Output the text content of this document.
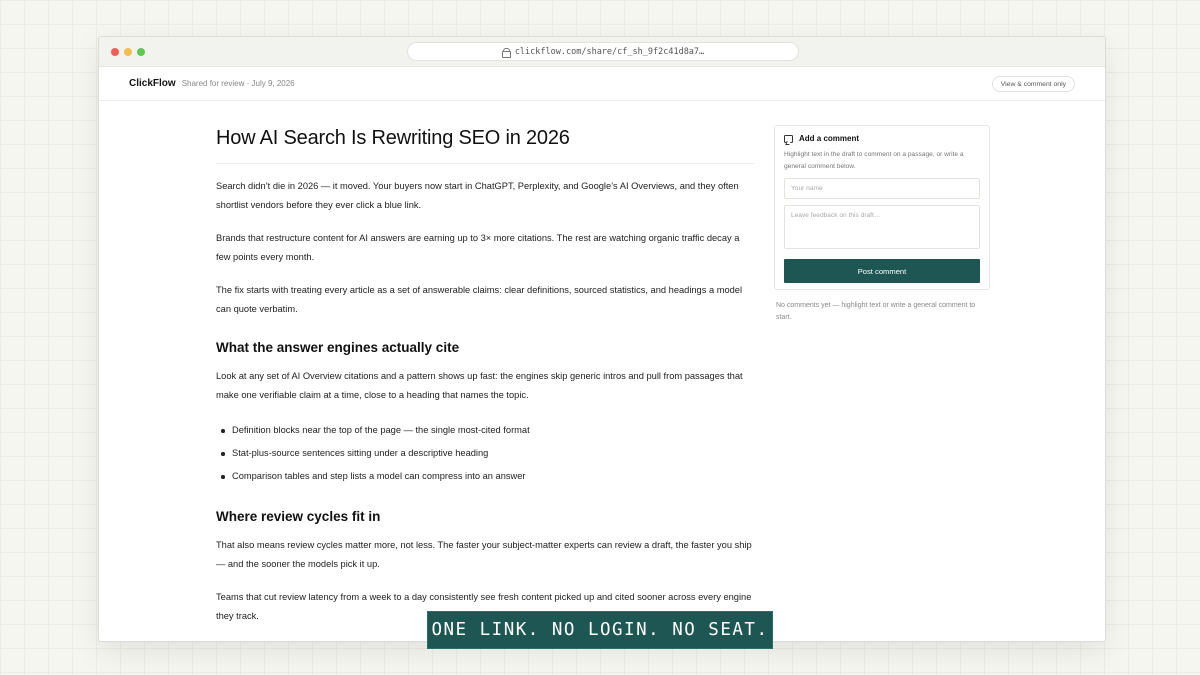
clickflow.com/share/cf_sh_9f2c41d8a7…
ClickFlow Shared for review · July 9, 2026	View & comment only
How AI Search Is Rewriting SEO in 2026

Search didn’t die in 2026 — it moved. Your buyers now start in ChatGPT, Perplexity, and Google’s AI Overviews, and they often shortlist vendors before they ever click a blue link.

Brands that restructure content for AI answers are earning up to 3× more citations. The rest are watching organic traffic decay a few points every month.

The fix starts with treating every article as a set of answerable claims: clear definitions, sourced statistics, and headings a model can quote verbatim.

What the answer engines actually cite

Look at any set of AI Overview citations and a pattern shows up fast: the engines skip generic intros and pull from passages that make one verifiable claim at a time, close to a heading that names the topic.

Definition blocks near the top of the page — the single most-cited format
Stat-plus-source sentences sitting under a descriptive heading
Comparison tables and step lists a model can compress into an answer
Where review cycles fit in

That also means review cycles matter more, not less. The faster your subject-matter experts can review a draft, the faster you ship — and the sooner the models pick it up.

Teams that cut review latency from a week to a day consistently see fresh content picked up and cited sooner across every engine they track.

Add a comment

Highlight text in the draft to comment on a passage, or write a general comment below.

Your name Leave feedback on this draft… Post comment

No comments yet — highlight text or write a general comment to start.

ONE LINK. NO LOGIN. NO SEAT.
